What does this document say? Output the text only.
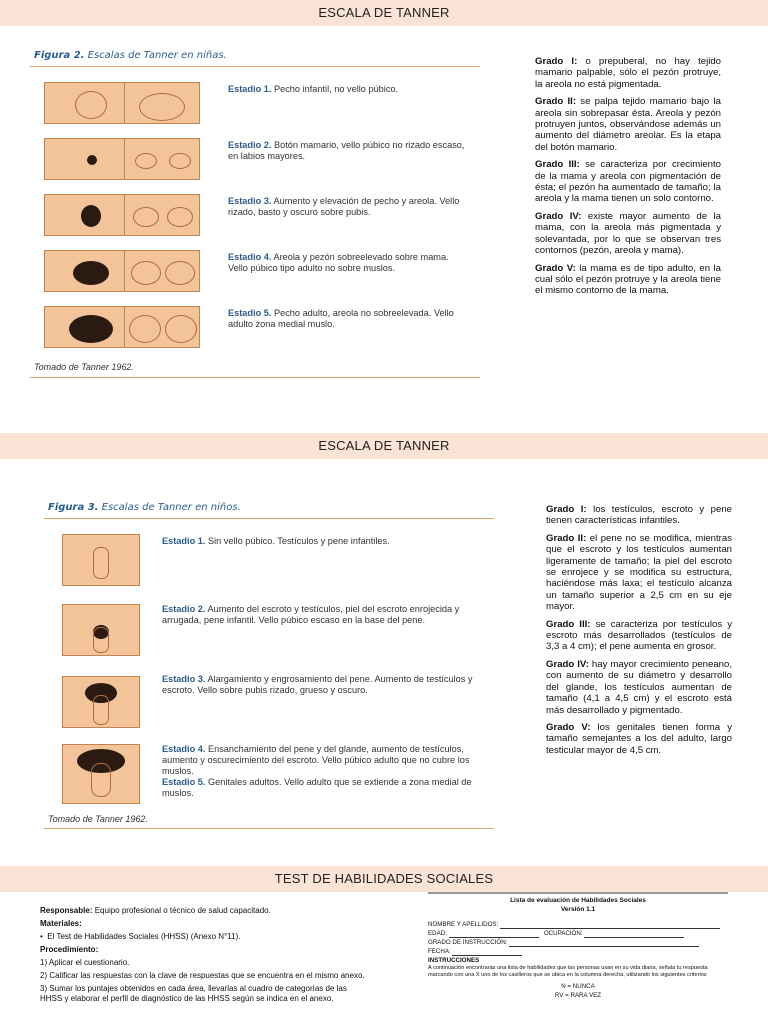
ESCALA DE TANNER
Figura 2. Escalas de Tanner en niñas.
Estadio 1. Pecho infantil, no vello púbico.
Estadio 2. Botón mamario, vello púbico no rizado escaso, en labios mayores.
Estadio 3. Aumento y elevación de pecho y areola. Vello rizado, basto y oscuro sobre pubis.
Estadio 4. Areola y pezón sobreelevado sobre mama. Vello púbico tipo adulto no sobre muslos.
Estadio 5. Pecho adulto, areola no sobreelevada. Vello adulto zona medial muslo.
Tomado de Tanner 1962.

Grado I: o prepuberal, no hay tejido mamario palpable, sólo el pezón protruye, la areola no está pigmentada.

Grado II: se palpa tejido mamario bajo la areola sin sobrepasar ésta. Areola y pezón protruyen juntos, observándose además un aumento del diámetro areolar. Es la etapa del botón mamario.

Grado III: se caracteriza por crecimiento de la mama y areola con pigmentación de ésta; el pezón ha aumentado de tamaño; la areola y la mama tienen un solo contorno.

Grado IV: existe mayor aumento de la mama, con la areola más pigmentada y solevantada, por lo que se observan tres contornos (pezón, areola y mama).

Grado V: la mama es de tipo adulto, en la cual sólo el pezón protruye y la areola tiene el mismo contorno de la mama.

ESCALA DE TANNER
Figura 3. Escalas de Tanner en niños.
Estadio 1. Sin vello púbico. Testículos y pene infantiles.
Estadio 2. Aumento del escroto y testículos, piel del escroto enrojecida y arrugada, pene infantil. Vello púbico escaso en la base del pene.
Estadio 3. Alargamiento y engrosamiento del pene. Aumento de testículos y escroto. Vello sobre pubis rizado, grueso y oscuro.
Estadio 4. Ensanchamiento del pene y del glande, aumento de testículos, aumento y oscurecimiento del escroto. Vello púbico adulto que no cubre los muslos.
Estadio 5. Genitales adultos. Vello adulto que se extiende a zona medial de muslos.
Tomado de Tanner 1962.

Grado I: los testículos, escroto y pene tienen características infantiles.

Grado II: el pene no se modifica, mientras que el escroto y los testículos aumentan ligeramente de tamaño; la piel del escroto se enrojece y se modifica su estructura, haciéndose más laxa; el testículo alcanza un tamaño superior a 2,5 cm en su eje mayor.

Grado III: se caracteriza por testículos y escroto más desarrollados (testículos de 3,3 a 4 cm); el pene aumenta en grosor.

Grado IV: hay mayor crecimiento peneano, con aumento de su diámetro y desarrollo del glande, los testículos aumentan de tamaño (4,1 a 4,5 cm) y el escroto está más desarrollado y pigmentado.

Grado V: los genitales tienen forma y tamaño semejantes a los del adulto, largo testicular mayor de 4,5 cm.

TEST DE HABILIDADES SOCIALES
Responsable: Equipo profesional o técnico de salud capacitado.
Materiales:
•  El Test de Habilidades Sociales (HHSS) (Anexo N°11).
Procedimiento:
1) Aplicar el cuestionario.
2) Calificar las respuestas con la clave de respuestas que se encuentra en el mismo anexo.
3) Sumar los puntajes obtenidos en cada área, llevarlas al cuadro de categorías de las HHSS y elaborar el perfil de diagnóstico de las HHSS según se indica en el anexo.
Lista de evaluación de Habilidades Sociales
Versión 1.1
NOMBRE Y APELLIDOS:
EDAD:	OCUPACIÓN:
GRADO DE INSTRUCCIÓN:
FECHA:
INSTRUCCIONES
A continuación encontrarás una lista de habilidades que las personas usan en su vida diaria, señala tu respuesta marcando con una X uno de los casilleros que se ubica en la columna derecha, utilizando los siguientes criterios
N = NUNCA
RV = RARA VEZ
